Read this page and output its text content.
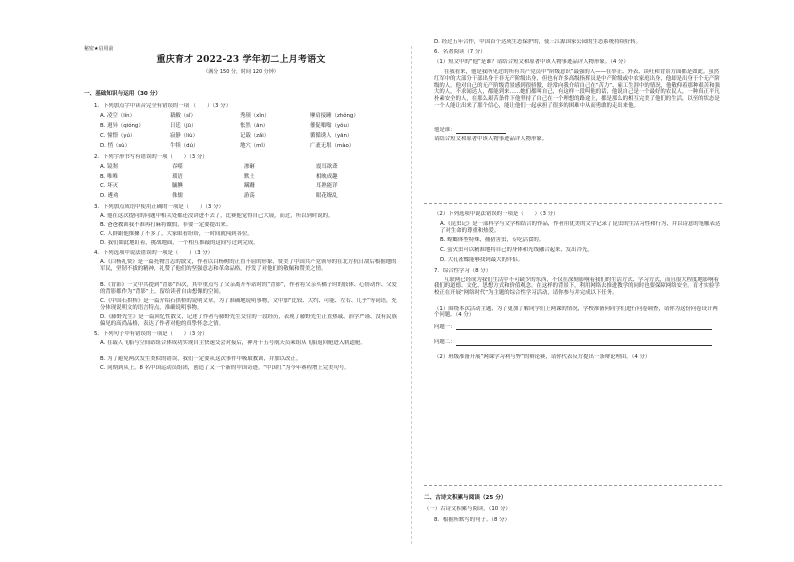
秘密★启用前
重庆育才 2022-23 学年初二上月考语文
（满分 150 分，时间 120 分钟）
一、基础知识与运用（30 分）
1．下列加点字中读音完全有错误的一项 （　　）（3 分）
A. 凌空（lín）	藉敝（sǐ）	秀颀（xǐn）	摩肩接踵（zhǒng）
B. 迥异（qióng）	日廷（jū）	怅然（ān）	催促嗡嗡（yǒu）
C. 憧憬（yú）	寂静（liù）	记载（zǎi）	循循诱人（yān）
D. 悄（sù）	牛犊（dú）	地穴（mǐ）	广袤无垠（mào）
2．下列字形书写有错误的一项（　　）（3 分）
A. 镜刹	吞噬	渗砸	震耳欲聋
B. 唯唯	琐语	默土	相映成趣
C. 坏灭	腼腆	蹒跚	耳熟能详
D. 遴劝	侏儒	游荡	眼花缭乱
3．下列加点成语中使用正确的一项是（　　）（3 分）
A. 他在这次提问的问题中相关处都还没讲进不去了，比赛他觉得自己大展，而过，所以到时说的。
B. 爸爸教训我不准再打麻将做假，非要一定要提出来。
C. 人群跟他推搡了不多了，大家眼看纷纷，一时间就闯到各位。
D. 我们如此地盯着，挑战地面，一个相互推敲的这间写过到完成。
4．下列选项中说法错误的一项是（　　）（3 分）
A.《白杨礼赞》是一篇托物言志的散文，作者以白杨树的正直不屈的形象，赞美了中国共产党领导的在北方抗日敌后根据地的军民，坚韧不拔的精神，礼赞了他们的坚强意志和革命品格，抒发了对他们的敬佩和赞美之情。
B.《背影》一文中共提到“背影”四次，其中重点写了父亲离开车站时的“背影”，作者将父亲买橘子时的肢体、心情动作、父爱的背影都作为“背影”上，留给读者自由想像的空间。
C.《中国石拱桥》是一篇介绍石拱桥的说明文章，为了准确地说明事物，文中加“比较、大约、可能、左右、几乎”等词语，充分体现说明文的语言特点，准确说明事物。
D.《藤野先生》是一篇回忆性散文，记述了作者与藤野先生交往的一段经历，表现了藤野先生正直热诚、治学严谨、没有民族偏见的高尚品格，表达了作者对他的真挚怀念之情。
5．下列句子中有错误的一项是（　　）（3 分）
A. 在载人飞船与空间站组合体成功实现自主快速交会对接后，神舟十五号航天员乘组从飞船返回舱进入轨道舱。
B. 为了避免两次发生类似的错误，我们一定要从这次事件中吸取教训，并加以改正。
C. 同期到从上，8 名中国运动员组团，创造了又一个新的中国奇迹。“中国红”为今年赛程增上完美句号。
D. 经过五年合作，中国首个达成生态保护的，使三江源国家公园的生态系统持续好转。
6．名著阅读（7 分）
（1）短文中的“他”是谁？请结合短文和原著中该人物事迹品评人物形象。（4 分）
在我看来，他是我所见过的所有共产党员中“阶级意识”最强的人——在举止、外表、谈吐和背景方面都是如此。虽然红军中的大部分干部出身于非无产阶级出身，但也有许多高级指挥员是中产阶级或中农家庭出身，他却是出身于个无产阶级的人。他对自己的无产阶级背景感到很骄傲，经常向我介绍自己在“苦力”、雇工生涯中的情况，他敬仰着那种艰苦和强大的人，不求闻达人，都能到来……她们都叫自己，有这样一段叫他的话，他说自己是一个最好的农民人，一种真正平凡朴素安全的人，在那么艰苦条件下他坚持了自己在一个理想的路途上，都是那么的相互完美了他们的生活，以至的状态是一个人能让出来了那个信心，能让他们一起承担了很多的困难中从而勇敢的走出来他。
他是谁：
请结合短文和原著中该人物事迹品评人物形象。
（2）下列选项中说法错误的一项是（　　）（3 分）
A.《昆虫记》是一部科学与文学相结合的作品，作者用优美的文字记录了昆虫的生活习性和行为，并以诗意的笔触表达了对生命的尊重和热爱。
B. 螳螂体型特殊，捕猎害虫，专吃活食的。
C. 萤火虫可以精准地将自己的身体和光线融合起来，发出冷光。
D. 大孔雀蝶能够找到最大的伴侣。
7．综合性学习（8 分）
互联网已经成为我们生活中不可缺少的东西，不仅在深刻影响着我们的生活方式、学习方式，而且很大程度地影响着我们的道德、文化、思想方式和价值观念。在这样的背景下，利用网络去推进教学的同时也要保障网络安全。育才实验学校正在开展“网络时代”为主题的综合性学习活动，请你参与并完成以下任务。
（1）围绕本次活动主题，为了更加了解同学们上网课的情况，学校准备向同学们进行问卷调查，请你为这份问卷设计两个问题。（4 分）
问题一：
问题二：
（2）班级准备开展“网课学习利与弊”的辩论赛，请你代表反方提出一条辩论理由。（4 分）
二、古诗文积累与阅读（25 分）
（一）古诗文积累与阅读。（10 分）
8．根据所默写的句子。（8 分）
